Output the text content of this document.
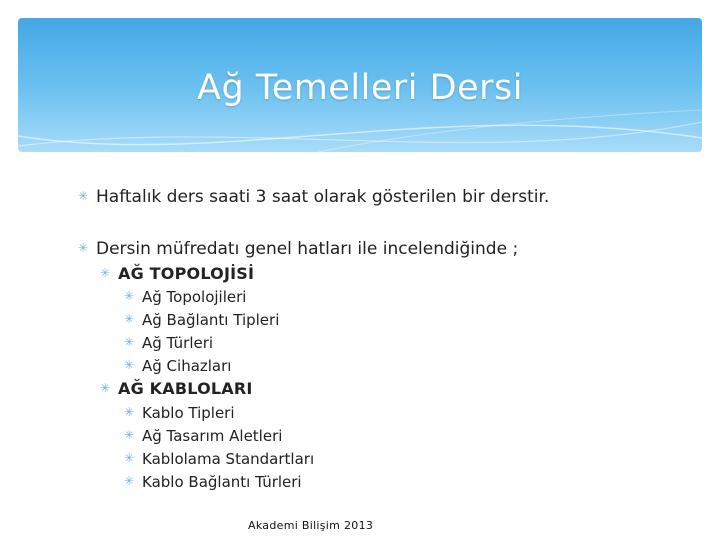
Ağ Temelleri Dersi
✳ Haftalık ders saati 3 saat olarak gösterilen bir derstir.
✳ Dersin müfredatı genel hatları ile incelendiğinde ;
✳ AĞ TOPOLOJİSİ
✳ Ağ Topolojileri
✳ Ağ Bağlantı Tipleri
✳ Ağ Türleri
✳ Ağ Cihazları
✳ AĞ KABLOLARI
✳ Kablo Tipleri
✳ Ağ Tasarım Aletleri
✳ Kablolama Standartları
✳ Kablo Bağlantı Türleri
Akademi Bilişim 2013
